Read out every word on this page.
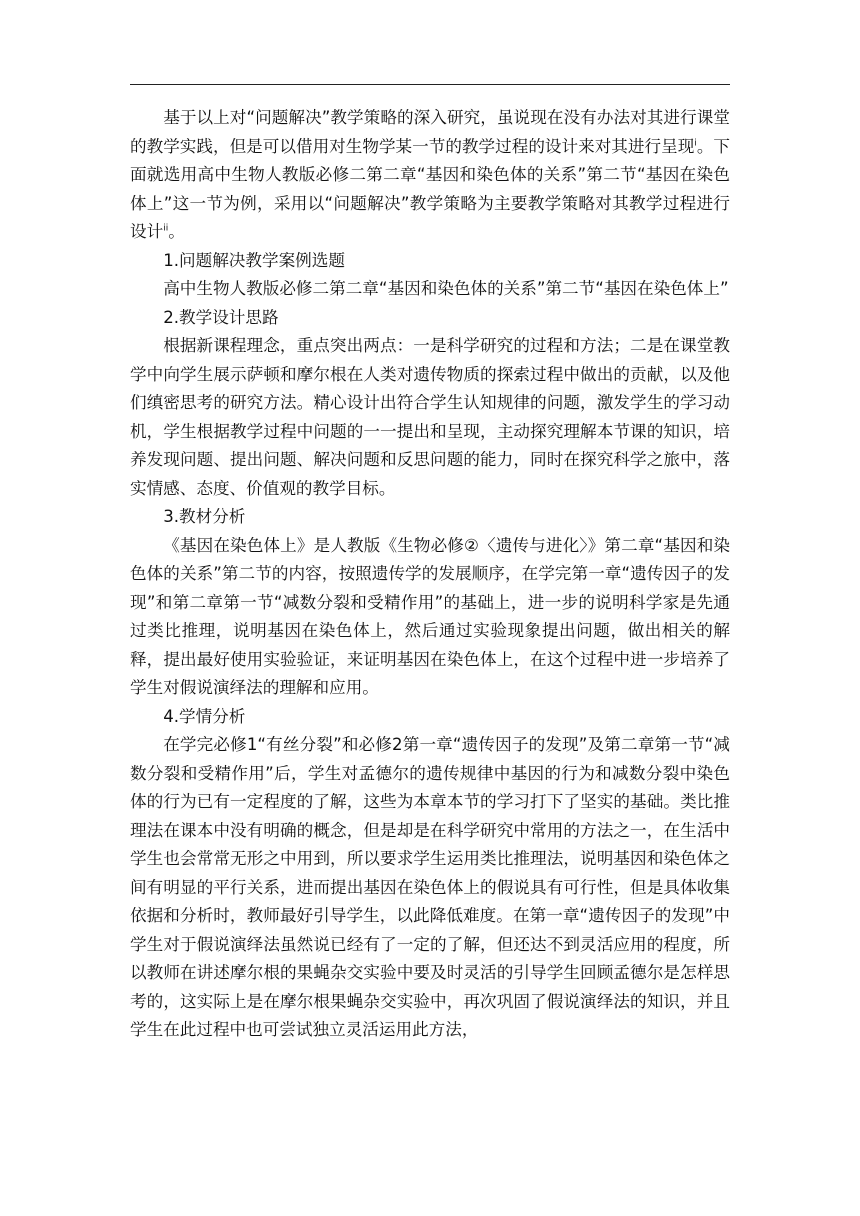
基于以上对“问题解决”教学策略的深入研究，虽说现在没有办法对其进行课堂的教学实践，但是可以借用对生物学某一节的教学过程的设计来对其进行呈现$^i$。下面就选用高中生物人教版必修二第二章“基因和染色体的关系”第二节“基因在染色体上”这一节为例，采用以“问题解决”教学策略为主要教学策略对其教学过程进行设计$^{ii}$。

1.问题解决教学案例选题

高中生物人教版必修二第二章“基因和染色体的关系”第二节“基因在染色体上”

2.教学设计思路

根据新课程理念，重点突出两点：一是科学研究的过程和方法；二是在课堂教学中向学生展示萨顿和摩尔根在人类对遗传物质的探索过程中做出的贡献，以及他们缜密思考的研究方法。精心设计出符合学生认知规律的问题，激发学生的学习动机，学生根据教学过程中问题的一一提出和呈现，主动探究理解本节课的知识，培养发现问题、提出问题、解决问题和反思问题的能力，同时在探究科学之旅中，落实情感、态度、价值观的教学目标。

3.教材分析

《基因在染色体上》是人教版《生物必修②〈遗传与进化〉》第二章“基因和染色体的关系”第二节的内容，按照遗传学的发展顺序，在学完第一章“遗传因子的发现”和第二章第一节“减数分裂和受精作用”的基础上，进一步的说明科学家是先通过类比推理，说明基因在染色体上，然后通过实验现象提出问题，做出相关的解释，提出最好使用实验验证，来证明基因在染色体上，在这个过程中进一步培养了学生对假说演绎法的理解和应用。

4.学情分析

在学完必修1“有丝分裂”和必修2第一章“遗传因子的发现”及第二章第一节“减数分裂和受精作用”后，学生对孟德尔的遗传规律中基因的行为和减数分裂中染色体的行为已有一定程度的了解，这些为本章本节的学习打下了坚实的基础。类比推理法在课本中没有明确的概念，但是却是在科学研究中常用的方法之一，在生活中学生也会常常无形之中用到，所以要求学生运用类比推理法，说明基因和染色体之间有明显的平行关系，进而提出基因在染色体上的假说具有可行性，但是具体收集依据和分析时，教师最好引导学生，以此降低难度。在第一章“遗传因子的发现”中学生对于假说演绎法虽然说已经有了一定的了解，但还达不到灵活应用的程度，所以教师在讲述摩尔根的果蝇杂交实验中要及时灵活的引导学生回顾孟德尔是怎样思考的，这实际上是在摩尔根果蝇杂交实验中，再次巩固了假说演绎法的知识，并且学生在此过程中也可尝试独立灵活运用此方法，
